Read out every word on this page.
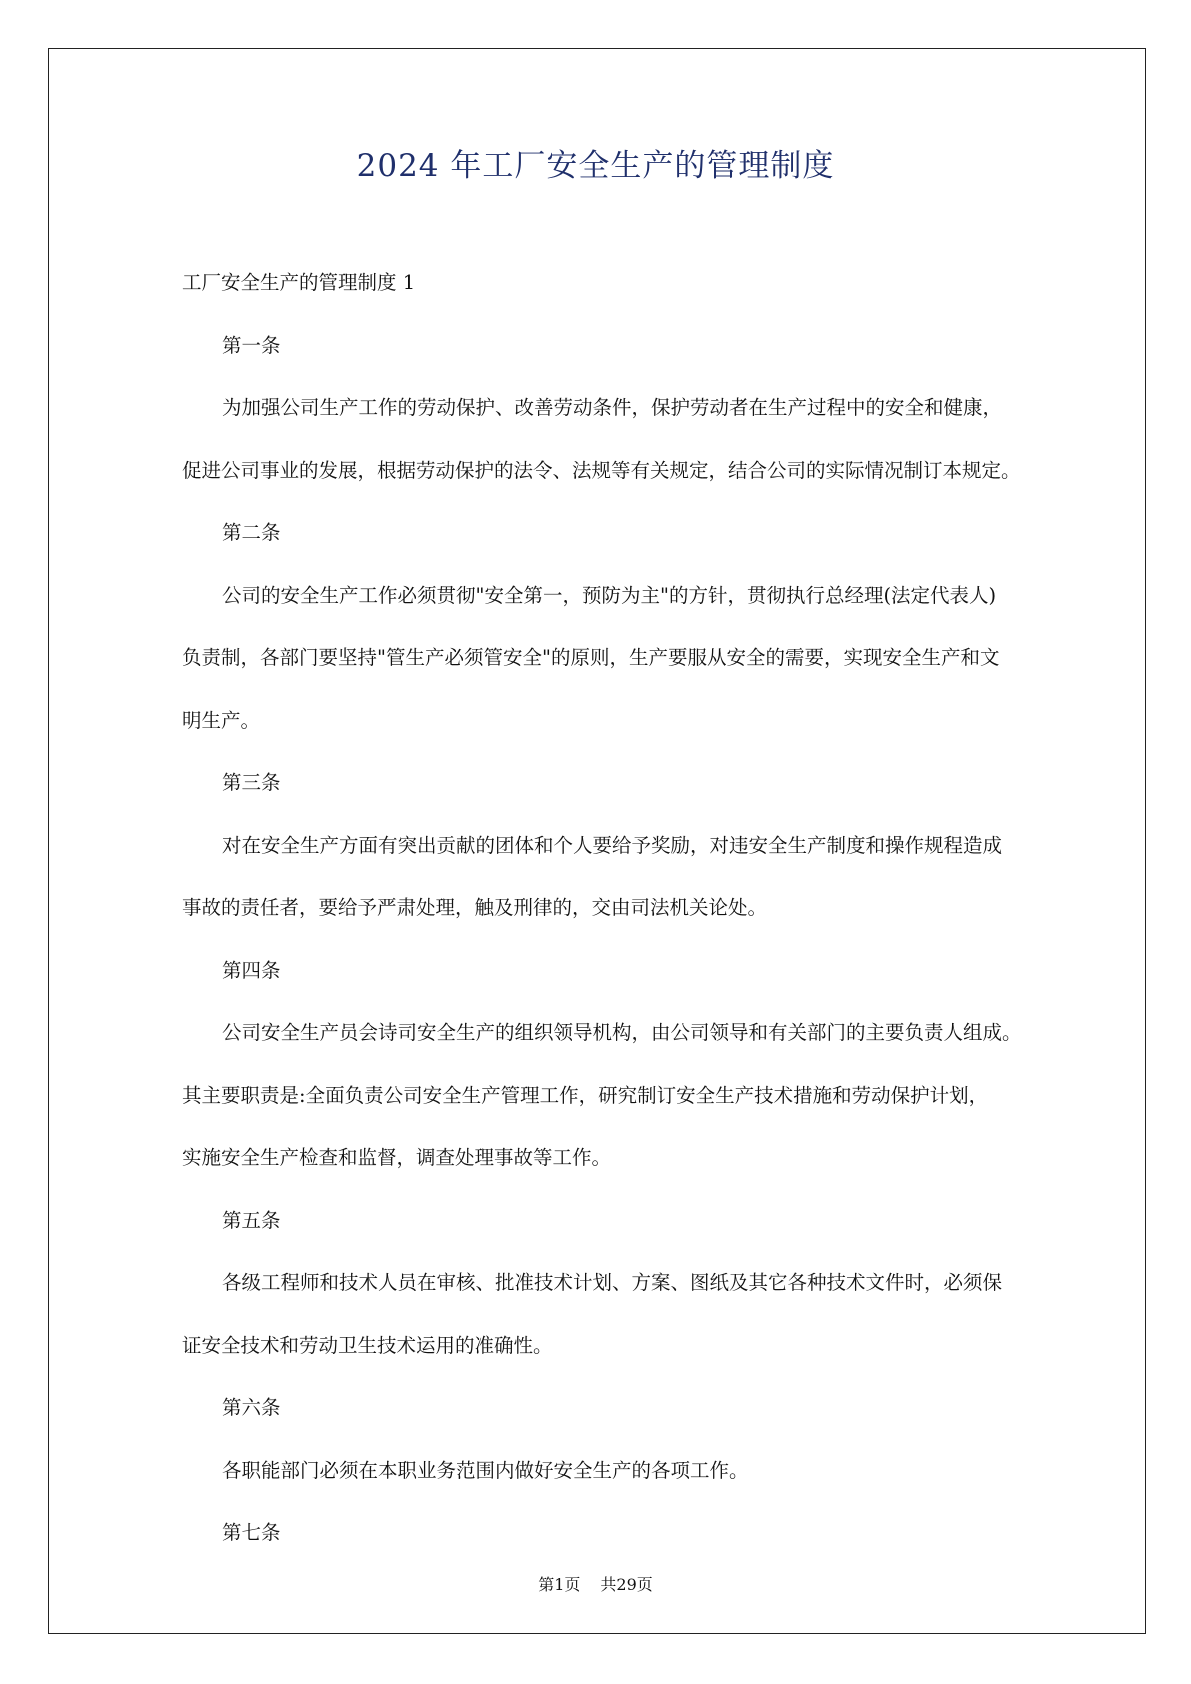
2024 年工厂安全生产的管理制度
工厂安全生产的管理制度 1
第一条
为加强公司生产工作的劳动保护、改善劳动条件，保护劳动者在生产过程中的安全和健康，
促进公司事业的发展，根据劳动保护的法令、法规等有关规定，结合公司的实际情况制订本规定。
第二条
公司的安全生产工作必须贯彻"安全第一，预防为主"的方针，贯彻执行总经理(法定代表人)
负责制，各部门要坚持"管生产必须管安全"的原则，生产要服从安全的需要，实现安全生产和文
明生产。
第三条
对在安全生产方面有突出贡献的团体和个人要给予奖励，对违安全生产制度和操作规程造成
事故的责任者，要给予严肃处理，触及刑律的，交由司法机关论处。
第四条
公司安全生产员会诗司安全生产的组织领导机构，由公司领导和有关部门的主要负责人组成。
其主要职责是:全面负责公司安全生产管理工作，研究制订安全生产技术措施和劳动保护计划，
实施安全生产检查和监督，调查处理事故等工作。
第五条
各级工程师和技术人员在审核、批准技术计划、方案、图纸及其它各种技术文件时，必须保
证安全技术和劳动卫生技术运用的准确性。
第六条
各职能部门必须在本职业务范围内做好安全生产的各项工作。
第七条
第1页 共29页
